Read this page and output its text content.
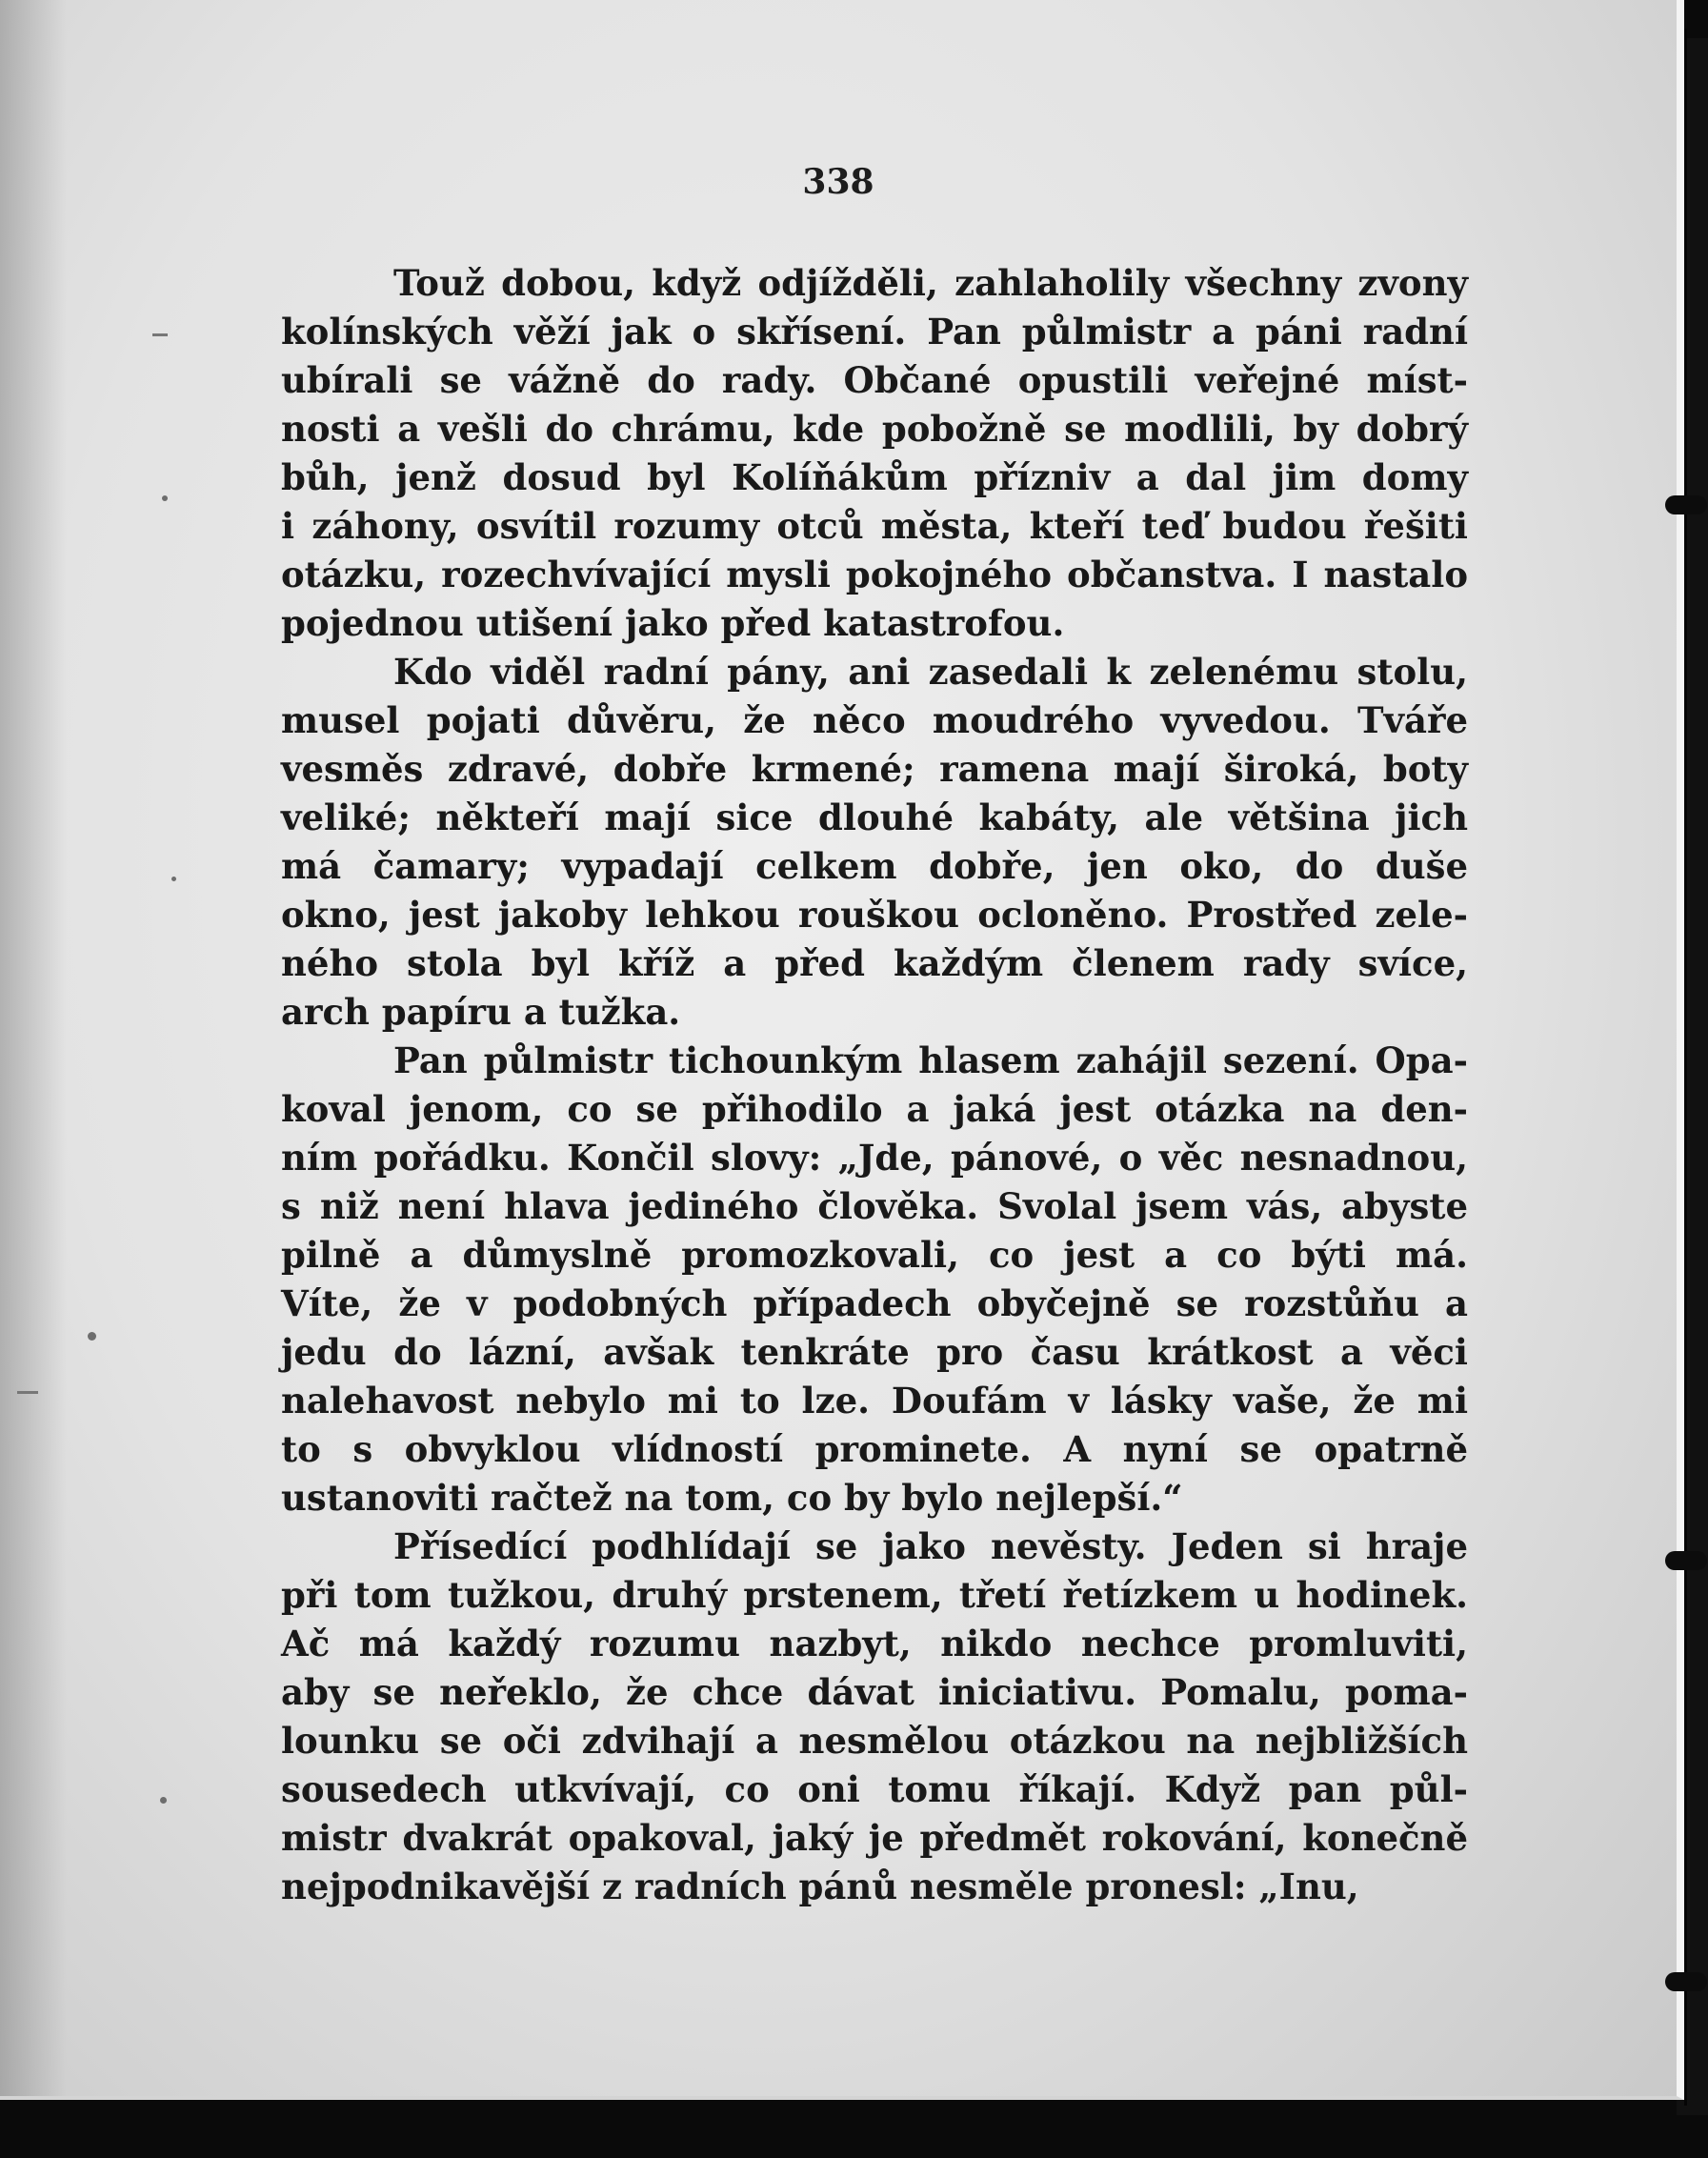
338
Touž dobou, když odjížděli, zahlaholily všechny zvony
kolínských věží jak o skřísení. Pan půlmistr a páni radní
ubírali se vážně do rady. Občané opustili veřejné míst-
nosti a vešli do chrámu, kde pobožně se modlili, by dobrý
bůh, jenž dosud byl Kolíňákům přízniv a dal jim domy
i záhony, osvítil rozumy otců města, kteří teď budou řešiti
otázku, rozechvívající mysli pokojného občanstva. I nastalo
pojednou utišení jako před katastrofou.
Kdo viděl radní pány, ani zasedali k zelenému stolu,
musel pojati důvěru, že něco moudrého vyvedou. Tváře
vesměs zdravé, dobře krmené; ramena mají široká, boty
veliké; někteří mají sice dlouhé kabáty, ale většina jich
má čamary; vypadají celkem dobře, jen oko, do duše
okno, jest jakoby lehkou rouškou ocloněno. Prostřed zele-
ného stola byl kříž a před každým členem rady svíce,
arch papíru a tužka.
Pan půlmistr tichounkým hlasem zahájil sezení. Opa-
koval jenom, co se přihodilo a jaká jest otázka na den-
ním pořádku. Končil slovy: „Jde, pánové, o věc nesnadnou,
s niž není hlava jediného člověka. Svolal jsem vás, abyste
pilně a důmyslně promozkovali, co jest a co býti má.
Víte, že v podobných případech obyčejně se rozstůňu a
jedu do lázní, avšak tenkráte pro času krátkost a věci
nalehavost nebylo mi to lze. Doufám v lásky vaše, že mi
to s obvyklou vlídností prominete. A nyní se opatrně
ustanoviti račtež na tom, co by bylo nejlepší.“
Přísedící podhlídají se jako nevěsty. Jeden si hraje
při tom tužkou, druhý prstenem, třetí řetízkem u hodinek.
Ač má každý rozumu nazbyt, nikdo nechce promluviti,
aby se neřeklo, že chce dávat iniciativu. Pomalu, poma-
lounku se oči zdvihají a nesmělou otázkou na nejbližších
sousedech utkvívají, co oni tomu říkají. Když pan půl-
mistr dvakrát opakoval, jaký je předmět rokování, konečně
nejpodnikavější z radních pánů nesměle pronesl: „Inu,
